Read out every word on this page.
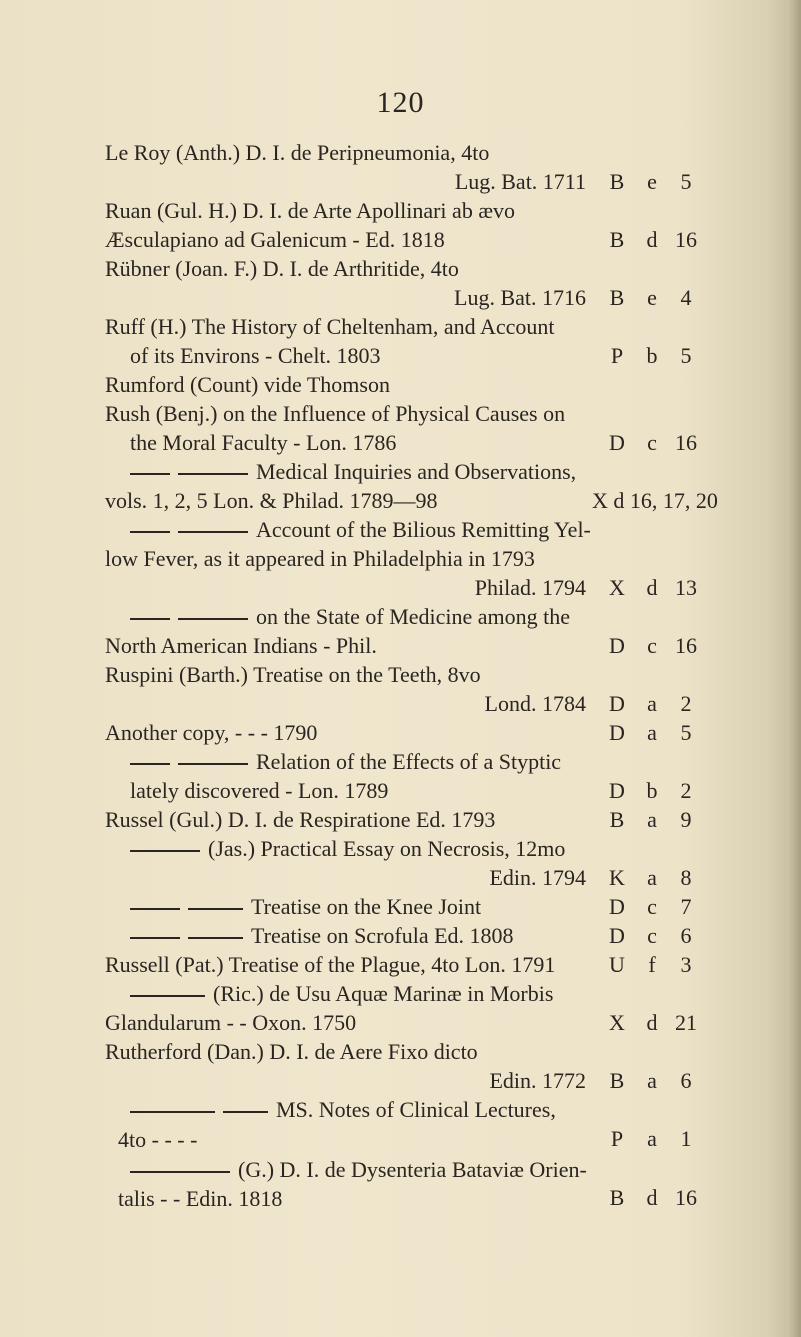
120
Le Roy (Anth.) D. I. de Peripneumonia, 4to
Lug. Bat. 1711	B	e	5
Ruan (Gul. H.) D. I. de Arte Apollinari ab ævo
Æsculapiano ad Galenicum - Ed. 1818	B	d 16
Rübner (Joan. F.) D. I. de Arthritide, 4to
Lug. Bat. 1716	B	e	4
Ruff (H.) The History of Cheltenham, and Account
of its Environs - Chelt. 1803	P	b	5
Rumford (Count) vide Thomson
Rush (Benj.) on the Influence of Physical Causes on
the Moral Faculty - Lon. 1786	D	c 16
Medical Inquiries and Observations,
vols. 1, 2, 5 Lon. & Philad. 1789—98	X d 16, 17, 20
Account of the Bilious Remitting Yel-
low Fever, as it appeared in Philadelphia in 1793
Philad. 1794	X d 13
on the State of Medicine among the
North American Indians - Phil.	D	c 16
Ruspini (Barth.) Treatise on the Teeth, 8vo
Lond. 1784	D	a	2
Another copy, - - - 1790	D	a	5
Relation of the Effects of a Styptic
lately discovered - Lon. 1789	D b	2
Russel (Gul.) D. I. de Respiratione Ed. 1793	B	a	9
(Jas.) Practical Essay on Necrosis, 12mo
Edin. 1794	K	a	8
Treatise on the Knee Joint	D	c	7
Treatise on Scrofula Ed. 1808	D	c	6
Russell (Pat.) Treatise of the Plague, 4to Lon. 1791	U	f	3
(Ric.) de Usu Aquæ Marinæ in Morbis
Glandularum - - Oxon. 1750	X d 21
Rutherford (Dan.) D. I. de Aere Fixo dicto
Edin. 1772	B	a	6
MS. Notes of Clinical Lectures,
4to - - - -	P	a	1
(G.) D. I. de Dysenteria Bataviæ Orien-
talis - - Edin. 1818	B	d 16
